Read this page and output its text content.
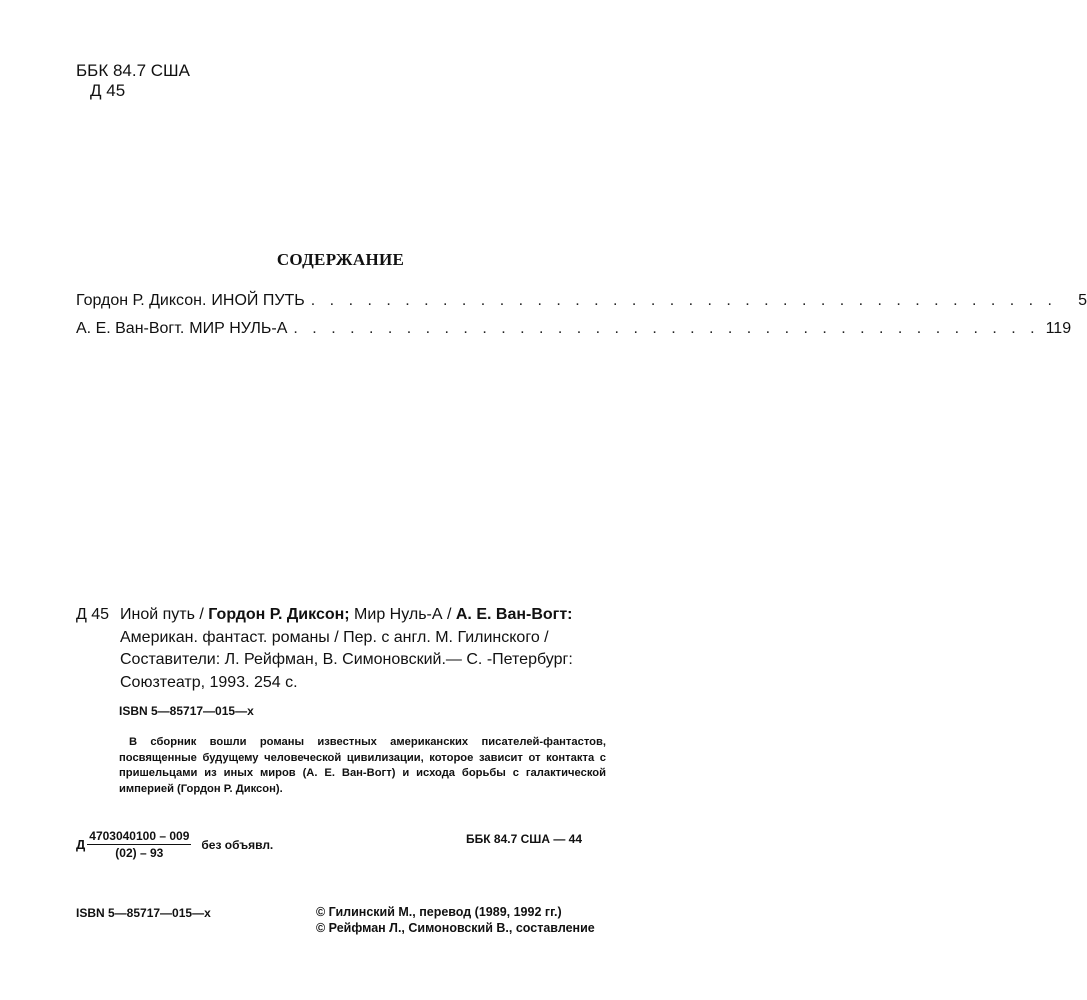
ББК 84.7 США
Д 45
СОДЕРЖАНИЕ
Гордон Р. Диксон. ИНОЙ ПУТЬ . . . . . . . . . . . . . . . . . . . . . . . . . . . . . . . . . . . . . . . .	5
А. Е. Ван-Вогт. МИР НУЛЬ-А . . . . . . . . . . . . . . . . . . . . . . . . . . . . . . . . . . . . . . . . 119
Д 45 Иной путь / Гордон Р. Диксон; Мир Нуль-А / А. Е. Ван-Вогт:
Американ. фантаст. романы / Пер. с англ. М. Гилинского /
Составители: Л. Рейфман, В. Симоновский.— С. -Петербург:
Союзтеатр, 1993. 254 с.
ISBN 5—85717—015—x
В сборник вошли романы известных американских писателей-фантастов, посвященные будущему человеческой цивилизации, которое зависит от контакта с пришельцами из иных миров (А. Е. Ван-Вогт) и исхода борьбы с галактической империей (Гордон Р. Диксон).
Д $\frac{4703040100 - 009}{(02) - 93}$ без объявл.	ББК 84.7 США — 44
ISBN 5—85717—015—x	© Гилинский М., перевод (1989, 1992 гг.)
© Рейфман Л., Симоновский В., составление
